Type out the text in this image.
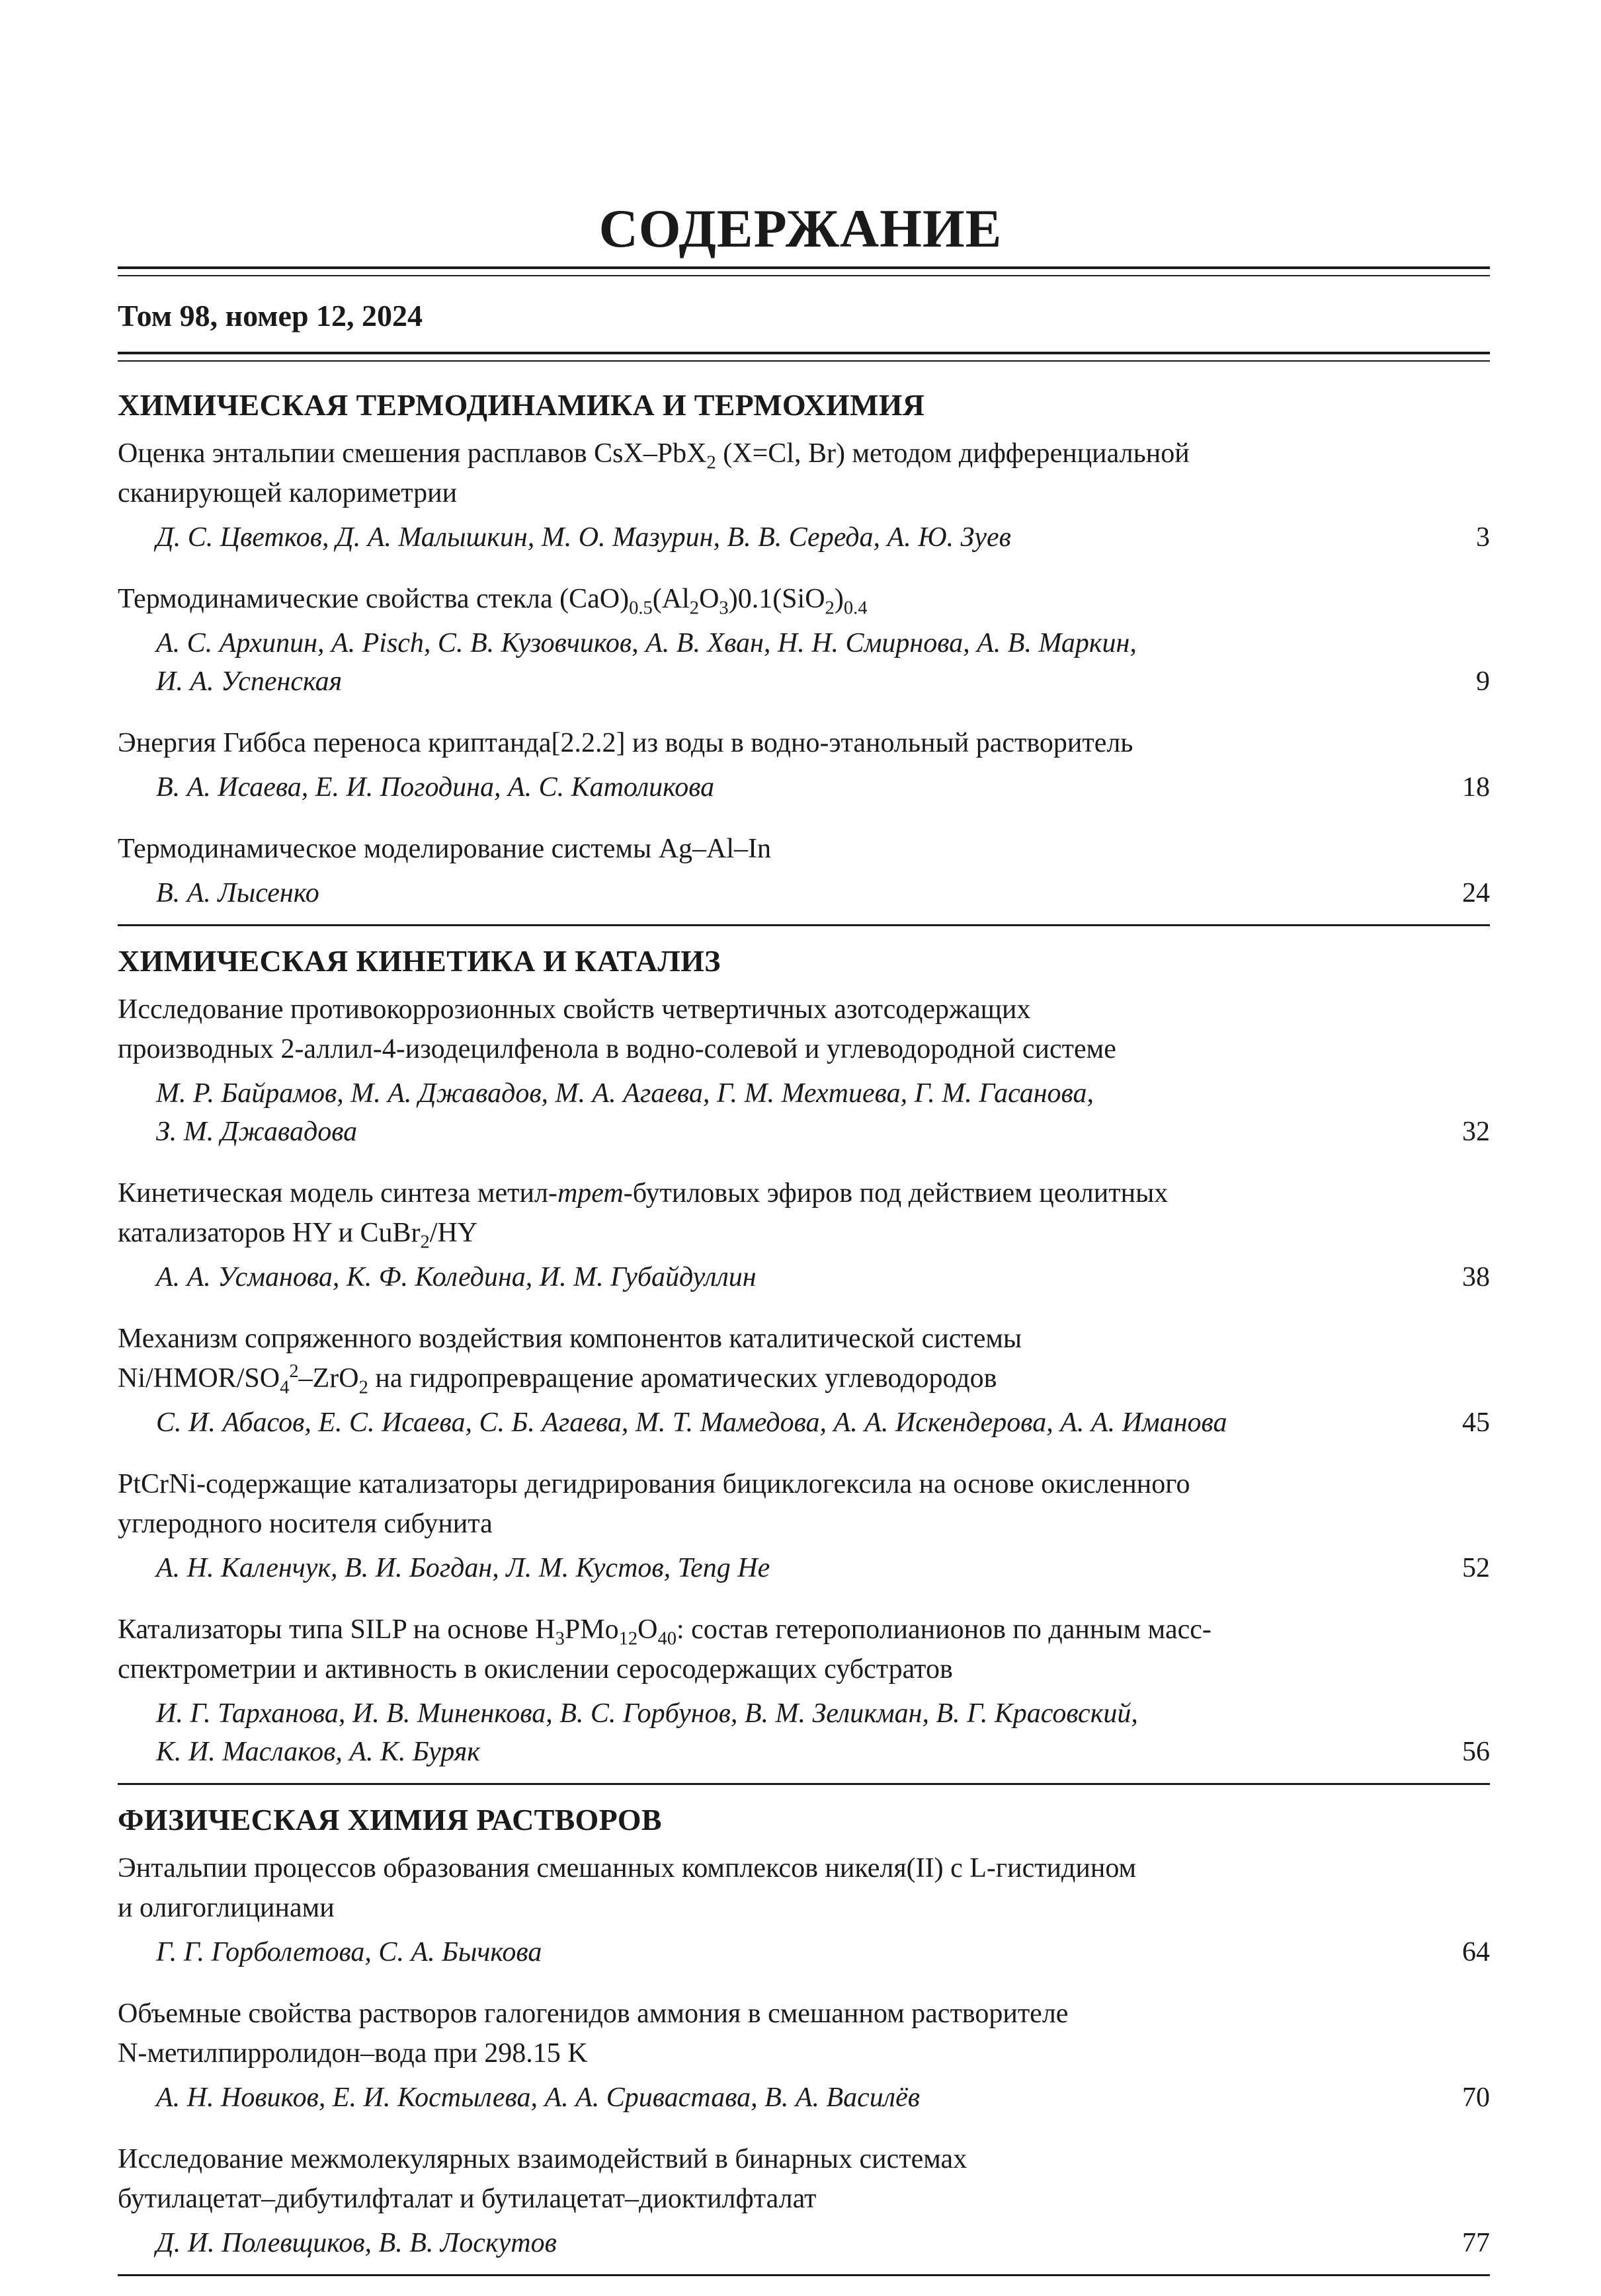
СОДЕРЖАНИЕ
Том 98, номер 12, 2024
ХИМИЧЕСКАЯ ТЕРМОДИНАМИКА И ТЕРМОХИМИЯ
Оценка энтальпии смешения расплавов CsX–PbX$_2$ (X=Cl, Br) методом дифференциальной
сканирующей калориметрии
Д. С. Цветков, Д. А. Малышкин, М. О. Мазурин, В. В. Середа, А. Ю. Зуев	3
Термодинамические свойства стекла $(CaO)_{0.5}(Al_2O_3)0.1(SiO_2)_{0.4}$
А. С. Архипин, A. Pisch, С. В. Кузовчиков, А. В. Хван, Н. Н. Смирнова, А. В. Маркин,
И. А. Успенская	9
Энергия Гиббса переноса криптанда[2.2.2] из воды в водно-этанольный растворитель
В. А. Исаева, Е. И. Погодина, А. С. Католикова	18
Термодинамическое моделирование системы Ag–Al–In
В. А. Лысенко	24
ХИМИЧЕСКАЯ КИНЕТИКА И КАТАЛИЗ
Исследование противокоррозионных свойств четвертичных азотсодержащих
производных 2-аллил-4-изодецилфенола в водно-солевой и углеводородной системе
М. Р. Байрамов, М. А. Джавадов, М. А. Агаева, Г. М. Мехтиева, Г. М. Гасанова,
З. М. Джавадова	32
Кинетическая модель синтеза метил-трет-бутиловых эфиров под действием цеолитных
катализаторов HY и CuBr$_2$/HY
А. А. Усманова, К. Ф. Коледина, И. М. Губайдуллин	38
Механизм сопряженного воздействия компонентов каталитической системы
$Ni/HMOR/SO_4^2-ZrO_2$ на гидропревращение ароматических углеводородов
С. И. Абасов, Е. С. Исаева, С. Б. Агаева, М. Т. Мамедова, А. А. Искендерова, А. А. Иманова	45
PtCrNi-содержащие катализаторы дегидрирования бициклогексила на основе окисленного
углеродного носителя сибунита
А. Н. Каленчук, В. И. Богдан, Л. М. Кустов, Teng He	52
Катализаторы типа SILP на основе $H_3PMo_{12}O_{40}$: состав гетерополианионов по данным масс-
спектрометрии и активность в окислении серосодержащих субстратов
И. Г. Тарханова, И. В. Миненкова, В. С. Горбунов, В. М. Зеликман, В. Г. Красовский,
К. И. Маслаков, А. К. Буряк	56
ФИЗИЧЕСКАЯ ХИМИЯ РАСТВОРОВ
Энтальпии процессов образования смешанных комплексов никеля(II) с L-гистидином
и олигоглицинами
Г. Г. Горболетова, С. А. Бычкова	64
Объемные свойства растворов галогенидов аммония в смешанном растворителе
N-метилпирролидон–вода при 298.15 K
А. Н. Новиков, Е. И. Костылева, А. А. Сривастава, В. А. Василёв	70
Исследование межмолекулярных взаимодействий в бинарных системах
бутилацетат–дибутилфталат и бутилацетат–диоктилфталат
Д. И. Полевщиков, В. В. Лоскутов	77
